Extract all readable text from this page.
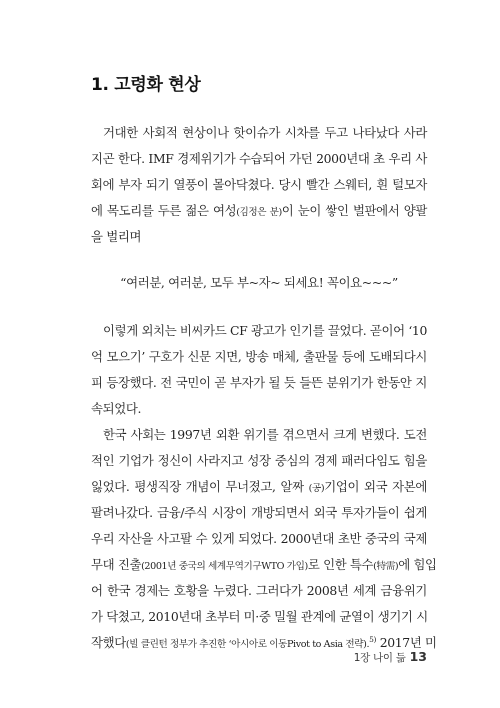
1. 고령화 현상
거대한 사회적 현상이나 핫이슈가 시차를 두고 나타났다 사라
지곤 한다. IMF 경제위기가 수습되어 가던 2000년대 초 우리 사
회에 부자 되기 열풍이 몰아닥쳤다. 당시 빨간 스웨터, 흰 털모자
에 목도리를 두른 젊은 여성(김정은 분)이 눈이 쌓인 벌판에서 양팔
을 벌리며
“여러분, 여러분, 모두 부~자~ 되세요! 꼭이요~~~”
이렇게 외치는 비씨카드 CF 광고가 인기를 끌었다. 곧이어 ‘10
억 모으기’ 구호가 신문 지면, 방송 매체, 출판물 등에 도배되다시
피 등장했다. 전 국민이 곧 부자가 될 듯 들뜬 분위기가 한동안 지
속되었다.
한국 사회는 1997년 외환 위기를 겪으면서 크게 변했다. 도전
적인 기업가 정신이 사라지고 성장 중심의 경제 패러다임도 힘을
잃었다. 평생직장 개념이 무너졌고, 알짜 (공)기업이 외국 자본에
팔려나갔다. 금융/주식 시장이 개방되면서 외국 투자가들이 쉽게
우리 자산을 사고팔 수 있게 되었다. 2000년대 초반 중국의 국제
무대 진출(2001년 중국의 세계무역기구WTO 가입)로 인한 특수(特需)에 힘입
어 한국 경제는 호황을 누렸다. 그러다가 2008년 세계 금융위기
가 닥쳤고, 2010년대 초부터 미·중 밀월 관계에 균열이 생기기 시
작했다(빌 클린턴 정부가 추진한 ‘아시아로 이동Pivot to Asia 전략).$^{5)}$ 2017년 미
1장 나이 듦 13
